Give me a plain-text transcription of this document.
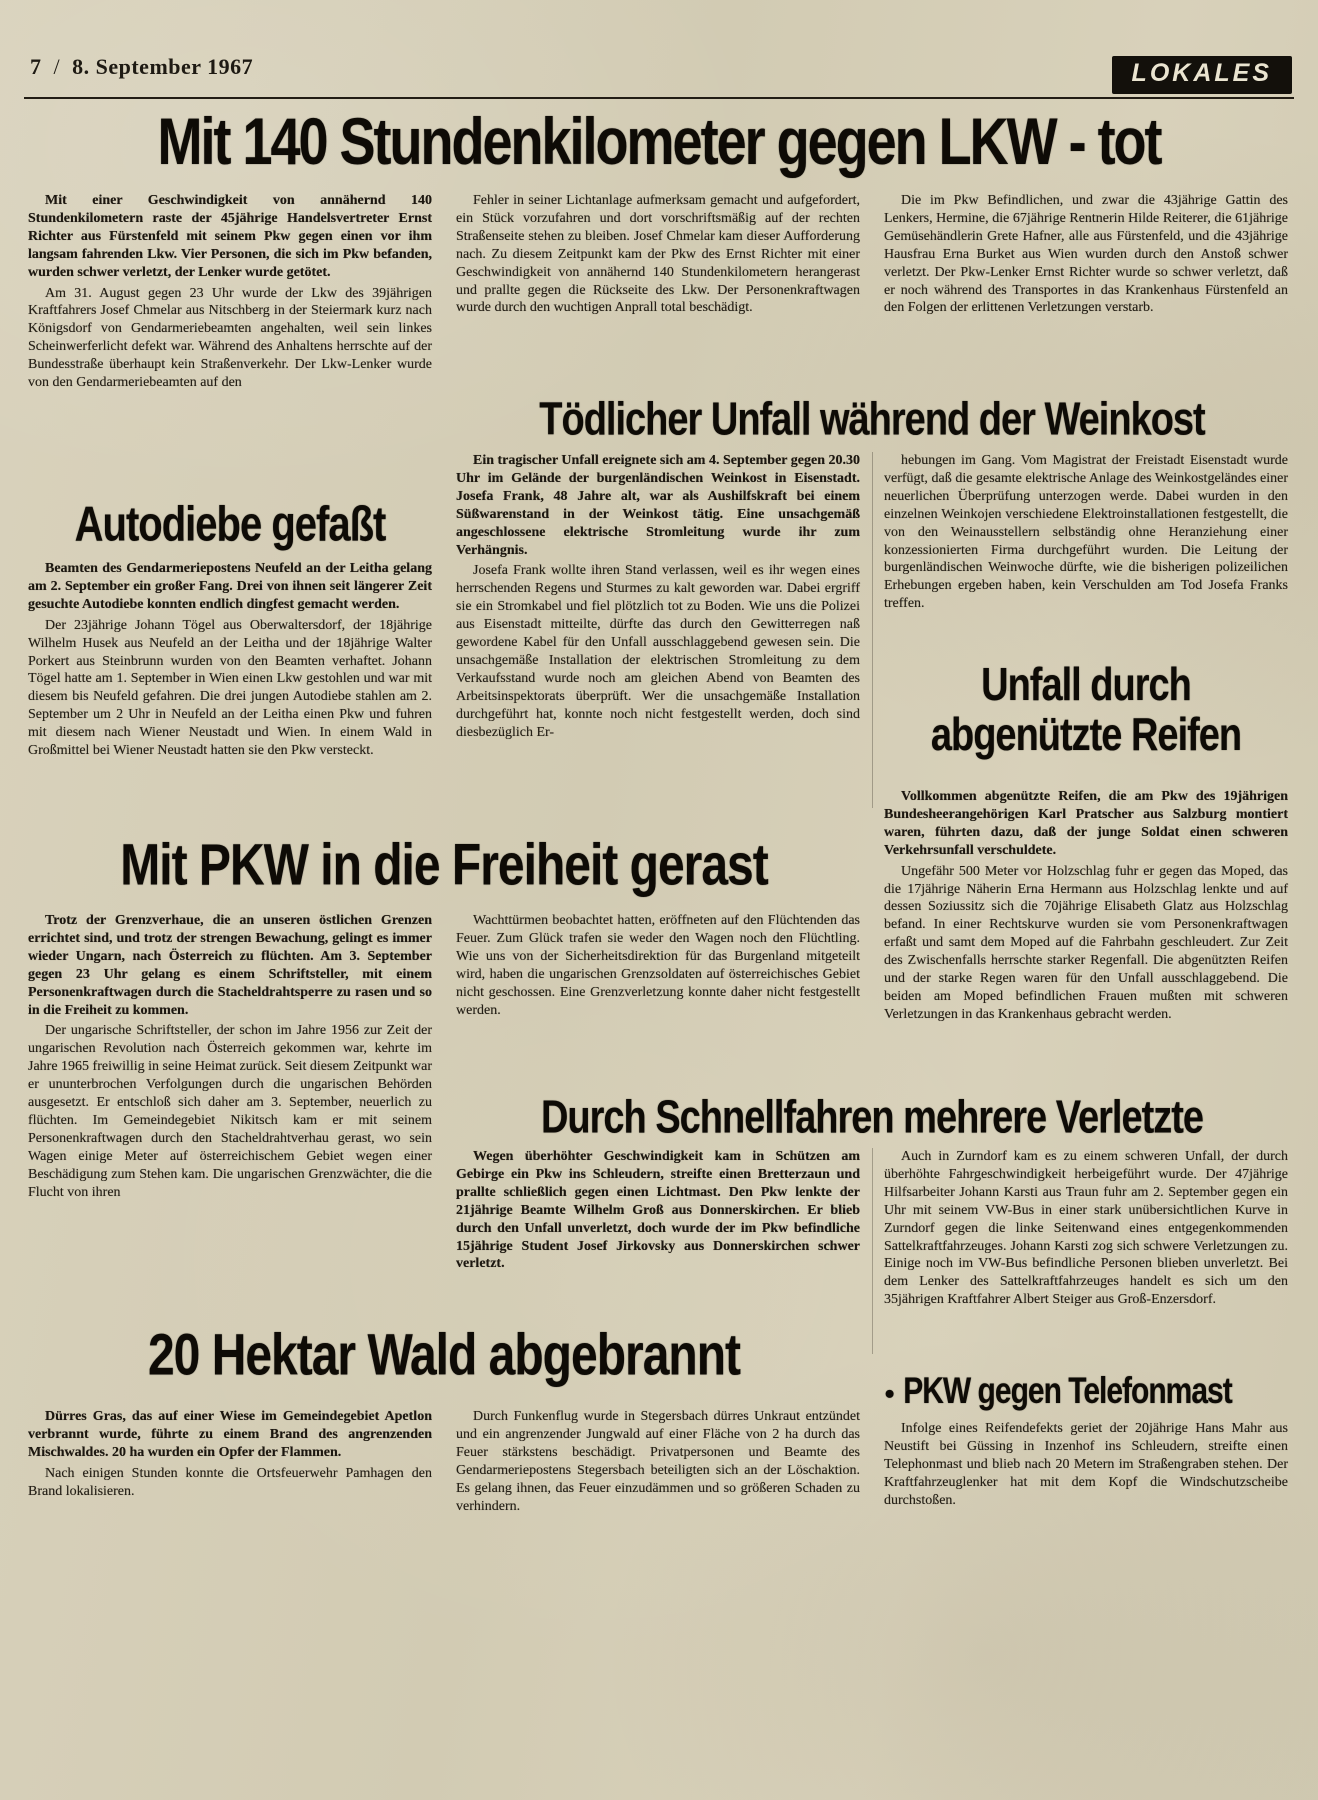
7 / 8. September 1967	LOKALES
Mit 140 Stundenkilometer gegen LKW - tot

Mit einer Geschwindigkeit von annähernd 140 Stundenkilometern raste der 45jährige Handelsvertreter Ernst Richter aus Fürstenfeld mit seinem Pkw gegen einen vor ihm langsam fahrenden Lkw. Vier Personen, die sich im Pkw befanden, wurden schwer verletzt, der Lenker wurde getötet.

Am 31. August gegen 23 Uhr wurde der Lkw des 39jährigen Kraftfahrers Josef Chmelar aus Nitschberg in der Steiermark kurz nach Königsdorf von Gendarmeriebeamten angehalten, weil sein linkes Scheinwerferlicht defekt war. Während des Anhaltens herrschte auf der Bundesstraße überhaupt kein Straßenverkehr. Der Lkw-Lenker wurde von den Gendarmeriebeamten auf den

Fehler in seiner Lichtanlage aufmerksam gemacht und aufgefordert, ein Stück vorzufahren und dort vorschriftsmäßig auf der rechten Straßenseite stehen zu bleiben. Josef Chmelar kam dieser Aufforderung nach. Zu diesem Zeitpunkt kam der Pkw des Ernst Richter mit einer Geschwindigkeit von annähernd 140 Stundenkilometern herangerast und prallte gegen die Rückseite des Lkw. Der Personenkraftwagen wurde durch den wuchtigen Anprall total beschädigt.

Die im Pkw Befindlichen, und zwar die 43jährige Gattin des Lenkers, Hermine, die 67jährige Rentnerin Hilde Reiterer, die 61jährige Gemüsehändlerin Grete Hafner, alle aus Fürstenfeld, und die 43jährige Hausfrau Erna Burket aus Wien wurden durch den Anstoß schwer verletzt. Der Pkw-Lenker Ernst Richter wurde so schwer verletzt, daß er noch während des Transportes in das Krankenhaus Fürstenfeld an den Folgen der erlittenen Verletzungen verstarb.

Autodiebe gefaßt

Beamten des Gendarmeriepostens Neufeld an der Leitha gelang am 2. September ein großer Fang. Drei von ihnen seit längerer Zeit gesuchte Autodiebe konnten endlich dingfest gemacht werden.

Der 23jährige Johann Tögel aus Oberwaltersdorf, der 18jährige Wilhelm Husek aus Neufeld an der Leitha und der 18jährige Walter Porkert aus Steinbrunn wurden von den Beamten verhaftet. Johann Tögel hatte am 1. September in Wien einen Lkw gestohlen und war mit diesem bis Neufeld gefahren. Die drei jungen Autodiebe stahlen am 2. September um 2 Uhr in Neufeld an der Leitha einen Pkw und fuhren mit diesem nach Wiener Neustadt und Wien. In einem Wald in Großmittel bei Wiener Neustadt hatten sie den Pkw versteckt.

Tödlicher Unfall während der Weinkost

Ein tragischer Unfall ereignete sich am 4. September gegen 20.30 Uhr im Gelände der burgenländischen Weinkost in Eisenstadt. Josefa Frank, 48 Jahre alt, war als Aushilfskraft bei einem Süßwarenstand in der Weinkost tätig. Eine unsachgemäß angeschlossene elektrische Stromleitung wurde ihr zum Verhängnis.

Josefa Frank wollte ihren Stand verlassen, weil es ihr wegen eines herrschenden Regens und Sturmes zu kalt geworden war. Dabei ergriff sie ein Stromkabel und fiel plötzlich tot zu Boden. Wie uns die Polizei aus Eisenstadt mitteilte, dürfte das durch den Gewitterregen naß gewordene Kabel für den Unfall ausschlaggebend gewesen sein. Die unsachgemäße Installation der elektrischen Stromleitung zu dem Verkaufsstand wurde noch am gleichen Abend von Beamten des Arbeitsinspektorats überprüft. Wer die unsachgemäße Installation durchgeführt hat, konnte noch nicht festgestellt werden, doch sind diesbezüglich Er-

hebungen im Gang. Vom Magistrat der Freistadt Eisenstadt wurde verfügt, daß die gesamte elektrische Anlage des Weinkostgeländes einer neuerlichen Überprüfung unterzogen werde. Dabei wurden in den einzelnen Weinkojen verschiedene Elektroinstallationen festgestellt, die von den Weinausstellern selbständig ohne Heranziehung einer konzessionierten Firma durchgeführt wurden. Die Leitung der burgenländischen Weinwoche dürfte, wie die bisherigen polizeilichen Erhebungen ergeben haben, kein Verschulden am Tod Josefa Franks treffen.

Unfall durch abgenützte Reifen

Vollkommen abgenützte Reifen, die am Pkw des 19jährigen Bundesheerangehörigen Karl Pratscher aus Salzburg montiert waren, führten dazu, daß der junge Soldat einen schweren Verkehrsunfall verschuldete.

Ungefähr 500 Meter vor Holzschlag fuhr er gegen das Moped, das die 17jährige Näherin Erna Hermann aus Holzschlag lenkte und auf dessen Soziussitz sich die 70jährige Elisabeth Glatz aus Holzschlag befand. In einer Rechtskurve wurden sie vom Personenkraftwagen erfaßt und samt dem Moped auf die Fahrbahn geschleudert. Zur Zeit des Zwischenfalls herrschte starker Regenfall. Die abgenützten Reifen und der starke Regen waren für den Unfall ausschlaggebend. Die beiden am Moped befindlichen Frauen mußten mit schweren Verletzungen in das Krankenhaus gebracht werden.

Mit PKW in die Freiheit gerast

Trotz der Grenzverhaue, die an unseren östlichen Grenzen errichtet sind, und trotz der strengen Bewachung, gelingt es immer wieder Ungarn, nach Österreich zu flüchten. Am 3. September gegen 23 Uhr gelang es einem Schriftsteller, mit einem Personenkraftwagen durch die Stacheldrahtsperre zu rasen und so in die Freiheit zu kommen.

Der ungarische Schriftsteller, der schon im Jahre 1956 zur Zeit der ungarischen Revolution nach Österreich gekommen war, kehrte im Jahre 1965 freiwillig in seine Heimat zurück. Seit diesem Zeitpunkt war er ununterbrochen Verfolgungen durch die ungarischen Behörden ausgesetzt. Er entschloß sich daher am 3. September, neuerlich zu flüchten. Im Gemeindegebiet Nikitsch kam er mit seinem Personenkraftwagen durch den Stacheldrahtverhau gerast, wo sein Wagen einige Meter auf österreichischem Gebiet wegen einer Beschädigung zum Stehen kam. Die ungarischen Grenzwächter, die die Flucht von ihren

Wachttürmen beobachtet hatten, eröffneten auf den Flüchtenden das Feuer. Zum Glück trafen sie weder den Wagen noch den Flüchtling. Wie uns von der Sicherheitsdirektion für das Burgenland mitgeteilt wird, haben die ungarischen Grenzsoldaten auf österreichisches Gebiet nicht geschossen. Eine Grenzverletzung konnte daher nicht festgestellt werden.

Durch Schnellfahren mehrere Verletzte

Wegen überhöhter Geschwindigkeit kam in Schützen am Gebirge ein Pkw ins Schleudern, streifte einen Bretterzaun und prallte schließlich gegen einen Lichtmast. Den Pkw lenkte der 21jährige Beamte Wilhelm Groß aus Donnerskirchen. Er blieb durch den Unfall unverletzt, doch wurde der im Pkw befindliche 15jährige Student Josef Jirkovsky aus Donnerskirchen schwer verletzt.

Auch in Zurndorf kam es zu einem schweren Unfall, der durch überhöhte Fahrgeschwindigkeit herbeigeführt wurde. Der 47jährige Hilfsarbeiter Johann Karsti aus Traun fuhr am 2. September gegen ein Uhr mit seinem VW-Bus in einer stark unübersichtlichen Kurve in Zurndorf gegen die linke Seitenwand eines entgegenkommenden Sattelkraftfahrzeuges. Johann Karsti zog sich schwere Verletzungen zu. Einige noch im VW-Bus befindliche Personen blieben unverletzt. Bei dem Lenker des Sattelkraftfahrzeuges handelt es sich um den 35jährigen Kraftfahrer Albert Steiger aus Groß-Enzersdorf.

20 Hektar Wald abgebrannt

Dürres Gras, das auf einer Wiese im Gemeindegebiet Apetlon verbrannt wurde, führte zu einem Brand des angrenzenden Mischwaldes. 20 ha wurden ein Opfer der Flammen.

Nach einigen Stunden konnte die Ortsfeuerwehr Pamhagen den Brand lokalisieren.

Durch Funkenflug wurde in Stegersbach dürres Unkraut entzündet und ein angrenzender Jungwald auf einer Fläche von 2 ha durch das Feuer stärkstens beschädigt. Privatpersonen und Beamte des Gendarmeriepostens Stegersbach beteiligten sich an der Löschaktion. Es gelang ihnen, das Feuer einzudämmen und so größeren Schaden zu verhindern.

● PKW gegen Telefonmast

Infolge eines Reifendefekts geriet der 20jährige Hans Mahr aus Neustift bei Güssing in Inzenhof ins Schleudern, streifte einen Telephonmast und blieb nach 20 Metern im Straßengraben stehen. Der Kraftfahrzeuglenker hat mit dem Kopf die Windschutzscheibe durchstoßen.
